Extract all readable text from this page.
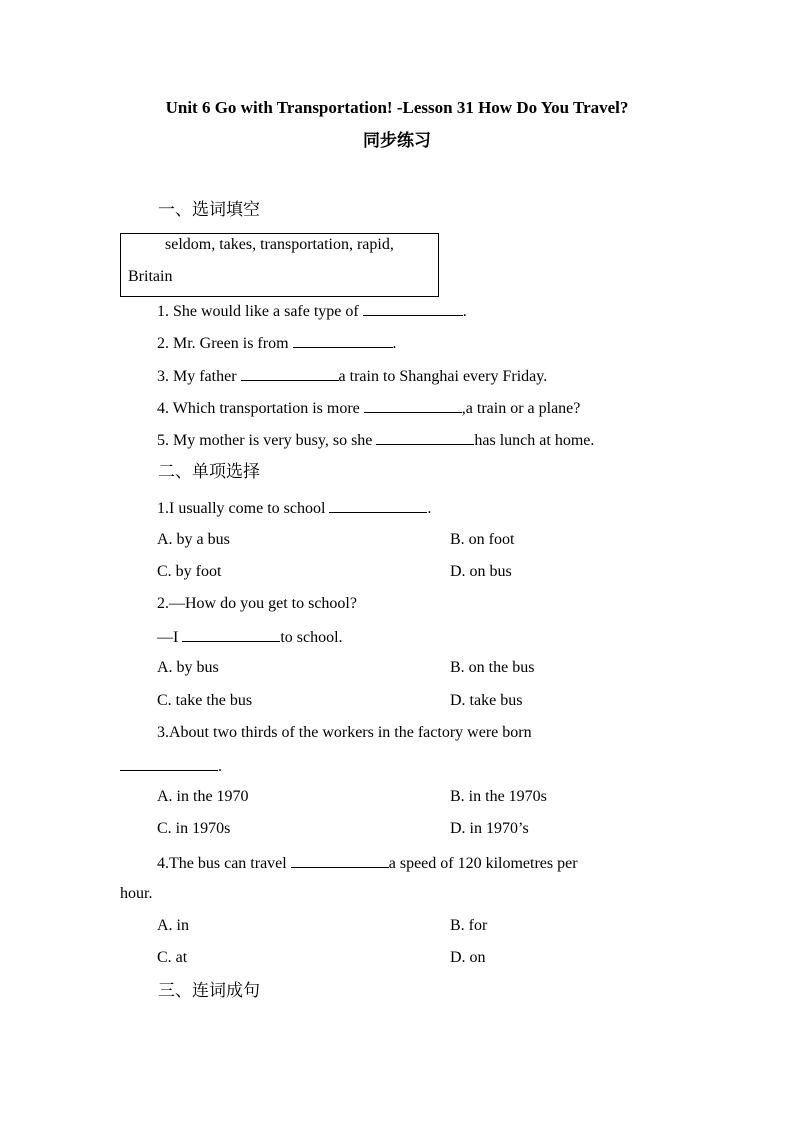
Unit 6 Go with Transportation! -Lesson 31 How Do You Travel?
同步练习
一、选词填空
seldom, takes, transportation, rapid,
Britain
1. She would like a safe type of	.
2. Mr. Green is from	.
3. My father	a train to Shanghai every Friday.
4. Which transportation is more	,a train or a plane?
5. My mother is very busy, so she	has lunch at home.
二、单项选择
1.I usually come to school	.
A. by a bus	B. on foot
C. by foot	D. on bus
2.—How do you get to school?
—I	to school.
A. by bus	B. on the bus
C. take the bus	D. take bus
3.About two thirds of the workers in the factory were born
.
A. in the 1970	B. in the 1970s
C. in 1970s	D. in 1970’s
4.The bus can travel	a speed of 120 kilometres per
hour.
A. in	B. for
C. at	D. on
三、连词成句
